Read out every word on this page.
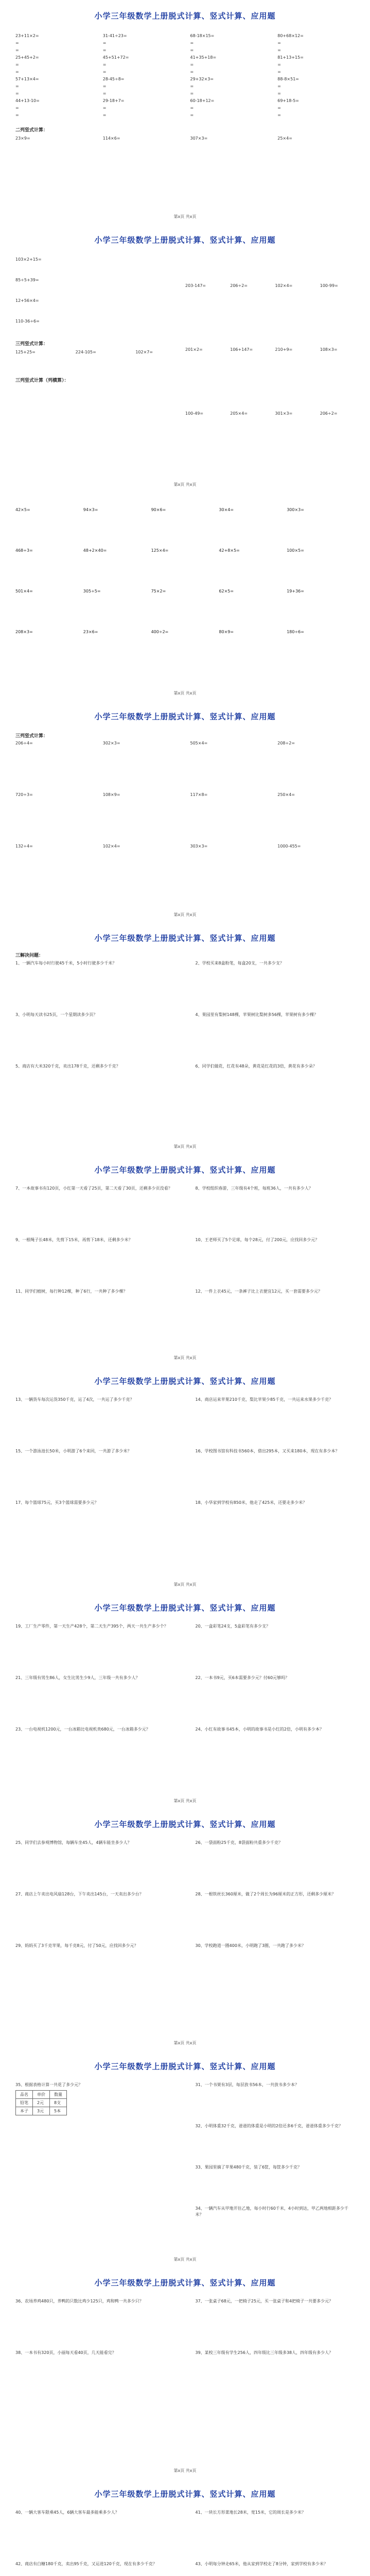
小学三年级数学上册脱式计算、竖式计算、应用题
23+11×2=	31-41÷23=	68-18×15=	80+68×12=
=	=	=	=
=	=	=	=
25+45+2=	45+51+72=	41+35+18=	81+13+15=
=	=	=	=
=	=	=	=
57+13×4=	28-45÷8=	29+32×3=	88-8×51=
=	=	=	=
=	=	=	=
44+13-10=	29-18+7=	60-18+12=	69+18-5=
=	=	=	=
=	=	=	=
二列竖式计算：
23×9=	114×6=	307×3=	25×4=
第x页 共x页
小学三年级数学上册脱式计算、竖式计算、应用题
103×2+15=
85÷5+39=
12+56×4=
110-36÷6=
三列竖式计算：
125+25=	224-105=	102×7=
三列竖式计算（列横算）：
203-147=	206÷2=	102×4=	100-99=
201×2=	106+147=	210+9=	108×3=
100-49=	205×4=	301×3=	206÷2=
第x页 共x页
42×5=	94×3=	90×6=	30×4=	300×3=
468÷3=	48+2×40=	125×4=	42+8×5=	100×5=
501×4=	305÷5=	75×2=	62×5=	19+36=
208×3=	23×6=	400÷2=	80×9=	180÷6=
第x页 共x页
小学三年级数学上册脱式计算、竖式计算、应用题
三列竖式计算：
206÷4=	302×3=	505×4=	208÷2=
720÷3=	108×9=	117×8=	250×4=
132÷4=	102×4=	303×3=	1000-455=
第x页 共x页
小学三年级数学上册脱式计算、竖式计算、应用题
三解决问题：
1、一辆汽车每小时行驶45千米，5小时行驶多少千米？	2、学校买来8盒粉笔，每盒20支，一共多少支？
3、小明每天读书25页，一个星期读多少页？	4、果园里有梨树148棵，苹果树比梨树多56棵，苹果树有多少棵？
5、商店有大米320千克，卖出178千克，还剩多少千克？	6、同学们做花，红花有48朵，黄花是红花的3倍，黄花有多少朵？
第x页 共x页
小学三年级数学上册脱式计算、竖式计算、应用题
7、一本故事书有120页，小红第一天看了25页，第二天看了30页，还剩多少页没看？	8、学校组织春游，三年级有4个班，每班36人，一共有多少人？
9、一根绳子长48米，先剪下15米，再剪下18米，还剩多少米？	10、王老师买了5个足球，每个28元，付了200元，应找回多少元？
11、同学们植树，每行种12棵，种了6行，一共种了多少棵？	12、一件上衣45元，一条裤子比上衣便宜12元，买一套需要多少元？
第x页 共x页
小学三年级数学上册脱式计算、竖式计算、应用题
13、一辆货车每次运货350千克，运了4次，一共运了多少千克？	14、商店运来苹果210千克，梨比苹果少85千克，一共运来水果多少千克？
15、一个游泳池长50米，小明游了6个来回，一共游了多少米？	16、学校图书馆有科技书560本，借出295本，又买来180本，现在有多少本？
17、每个篮球75元，买3个篮球需要多少元？	18、小华家到学校有850米，他走了425米，还要走多少米？
第x页 共x页
小学三年级数学上册脱式计算、竖式计算、应用题
19、工厂生产零件，第一天生产428个，第二天生产395个，两天一共生产多少个？	20、一盒彩笔24支，5盒彩笔有多少支？
21、三年级有男生86人，女生比男生少9人，三年级一共有多少人？	22、一本书9元，买6本需要多少元？付60元够吗？
23、一台电视机1200元，一台冰箱比电视机贵680元，一台冰箱多少元？	24、小红有故事书45本，小明的故事书是小红的2倍，小明有多少本？
第x页 共x页
小学三年级数学上册脱式计算、竖式计算、应用题
25、同学们去参观博物馆，每辆车坐45人，4辆车能坐多少人？	26、一袋面粉25千克，8袋面粉共重多少千克？
27、商店上午卖出电风扇128台，下午卖出145台，一天卖出多少台？	28、一根铁丝长360厘米，做了2个周长为96厘米的正方形，还剩多少厘米？
29、妈妈买了3千克苹果，每千克8元，付了50元，应找回多少元？	30、学校跑道一圈400米，小明跑了3圈，一共跑了多少米？
第x页 共x页
小学三年级数学上册脱式计算、竖式计算、应用题
35、根据表格计算一共花了多少元？
品名	单价	数量
铅笔	2元	8支
本子	3元	5本
31、一个书架有3层，每层放书56本，一共放书多少本？
32、小明体重32千克，爸爸的体重是小明的2倍还多6千克，爸爸体重多少千克？
33、果园里摘了苹果480千克，装了6筐，每筐多少千克？
34、一辆汽车从甲地开往乙地，每小时行60千米，4小时到达，甲乙两地相距多少千米？
第x页 共x页
小学三年级数学上册脱式计算、竖式计算、应用题
36、农场养鸡480只，养鸭的只数比鸡少125只，鸡和鸭一共多少只？	37、一张桌子68元，一把椅子25元，买一张桌子和4把椅子一共要多少元？
38、一本书有320页，小丽每天看40页，几天能看完？	39、某校三年级有学生256人，四年级比三年级多38人，四年级有多少人？
第x页 共x页
小学三年级数学上册脱式计算、竖式计算、应用题
40、一辆大客车限乘45人，6辆大客车最多能乘多少人？	41、一块长方形菜地长28米，宽15米，它的周长是多少米？
42、商店有白糖180千克，卖出95千克，又运进120千克，现在有多少千克？	43、小明每分钟走65米，他从家到学校走了8分钟，家到学校有多少米？
